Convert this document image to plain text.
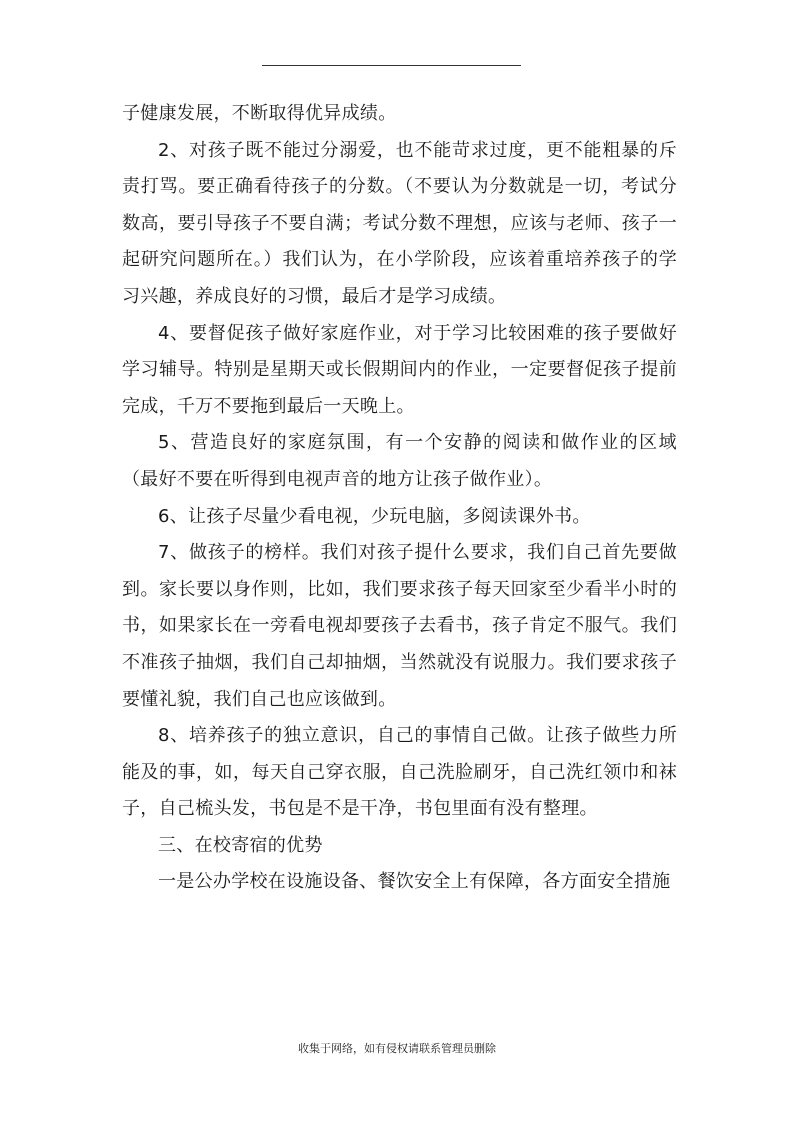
子健康发展，不断取得优异成绩。

2、对孩子既不能过分溺爱，也不能苛求过度，更不能粗暴的斥责打骂。要正确看待孩子的分数。（不要认为分数就是一切，考试分数高，要引导孩子不要自满；考试分数不理想，应该与老师、孩子一起研究问题所在。）我们认为，在小学阶段，应该着重培养孩子的学习兴趣，养成良好的习惯，最后才是学习成绩。

4、要督促孩子做好家庭作业，对于学习比较困难的孩子要做好学习辅导。特别是星期天或长假期间内的作业，一定要督促孩子提前完成，千万不要拖到最后一天晚上。

5、营造良好的家庭氛围，有一个安静的阅读和做作业的区域（最好不要在听得到电视声音的地方让孩子做作业）。

6、让孩子尽量少看电视，少玩电脑，多阅读课外书。

7、做孩子的榜样。我们对孩子提什么要求，我们自己首先要做到。家长要以身作则，比如，我们要求孩子每天回家至少看半小时的书，如果家长在一旁看电视却要孩子去看书，孩子肯定不服气。我们不准孩子抽烟，我们自己却抽烟，当然就没有说服力。我们要求孩子要懂礼貌，我们自己也应该做到。

8、培养孩子的独立意识，自己的事情自己做。让孩子做些力所能及的事，如，每天自己穿衣服，自己洗脸刷牙，自己洗红领巾和袜子，自己梳头发，书包是不是干净，书包里面有没有整理。

三、在校寄宿的优势

一是公办学校在设施设备、餐饮安全上有保障，各方面安全措施

收集于网络，如有侵权请联系管理员删除
